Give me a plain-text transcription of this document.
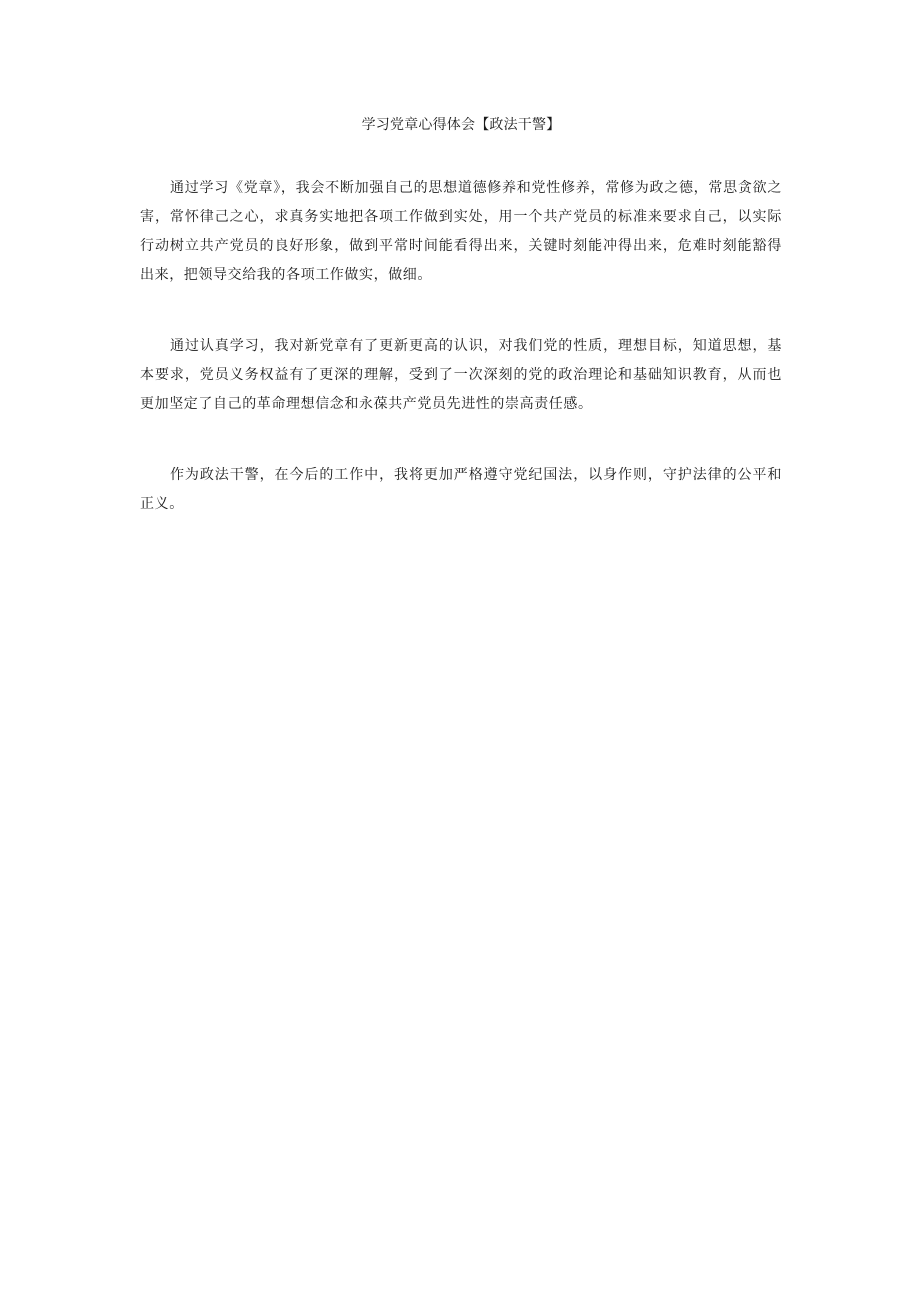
学习党章心得体会【政法干警】

通过学习《党章》，我会不断加强自己的思想道德修养和党性修养，常修为政之德，常思贪欲之害，常怀律己之心，求真务实地把各项工作做到实处，用一个共产党员的标准来要求自己，以实际行动树立共产党员的良好形象，做到平常时间能看得出来，关键时刻能冲得出来，危难时刻能豁得出来，把领导交给我的各项工作做实，做细。

通过认真学习，我对新党章有了更新更高的认识，对我们党的性质，理想目标，知道思想，基本要求，党员义务权益有了更深的理解，受到了一次深刻的党的政治理论和基础知识教育，从而也更加坚定了自己的革命理想信念和永葆共产党员先进性的崇高责任感。

作为政法干警，在今后的工作中，我将更加严格遵守党纪国法，以身作则，守护法律的公平和正义。
